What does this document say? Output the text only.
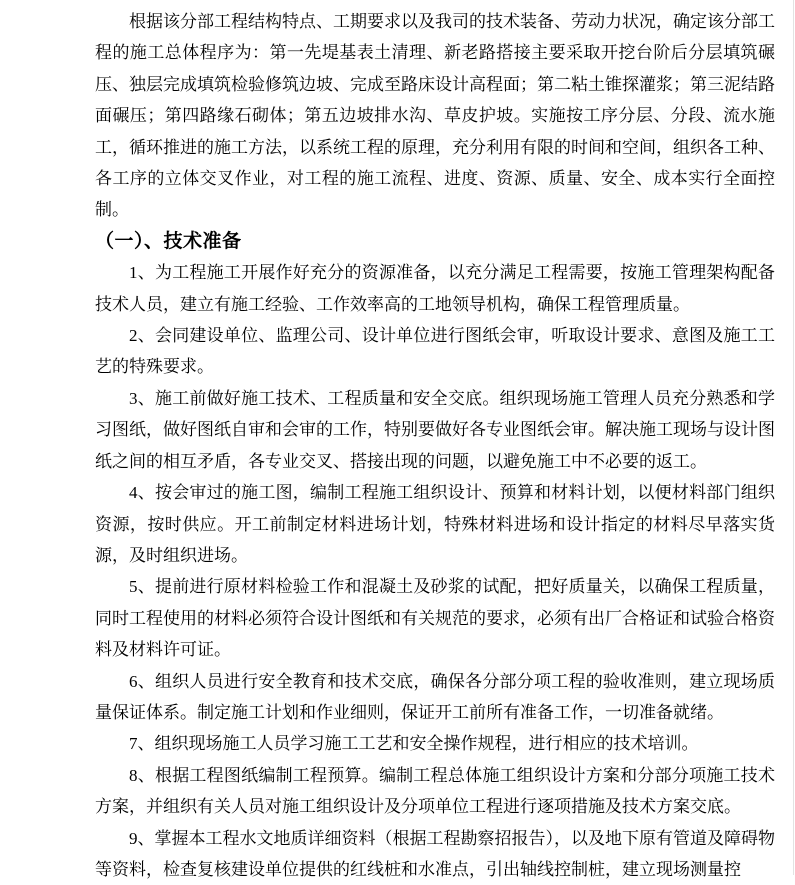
根据该分部工程结构特点、工期要求以及我司的技术装备、劳动力状况，确定该分部工程的施工总体程序为：第一先堤基表土清理、新老路搭接主要采取开挖台阶后分层填筑碾压、独层完成填筑检验修筑边坡、完成至路床设计高程面；第二粘土锥探灌浆；第三泥结路面碾压；第四路缘石砌体；第五边坡排水沟、草皮护坡。实施按工序分层、分段、流水施工，循环推进的施工方法，以系统工程的原理，充分利用有限的时间和空间，组织各工种、各工序的立体交叉作业，对工程的施工流程、进度、资源、质量、安全、成本实行全面控制。

（一）、技术准备

1、为工程施工开展作好充分的资源准备，以充分满足工程需要，按施工管理架构配备技术人员，建立有施工经验、工作效率高的工地领导机构，确保工程管理质量。

2、会同建设单位、监理公司、设计单位进行图纸会审，听取设计要求、意图及施工工艺的特殊要求。

3、施工前做好施工技术、工程质量和安全交底。组织现场施工管理人员充分熟悉和学习图纸，做好图纸自审和会审的工作，特别要做好各专业图纸会审。解决施工现场与设计图纸之间的相互矛盾，各专业交叉、搭接出现的问题，以避免施工中不必要的返工。

4、按会审过的施工图，编制工程施工组织设计、预算和材料计划，以便材料部门组织资源，按时供应。开工前制定材料进场计划，特殊材料进场和设计指定的材料尽早落实货源，及时组织进场。

5、提前进行原材料检验工作和混凝土及砂浆的试配，把好质量关，以确保工程质量，同时工程使用的材料必须符合设计图纸和有关规范的要求，必须有出厂合格证和试验合格资料及材料许可证。

6、组织人员进行安全教育和技术交底，确保各分部分项工程的验收准则，建立现场质量保证体系。制定施工计划和作业细则，保证开工前所有准备工作，一切准备就绪。

7、组织现场施工人员学习施工工艺和安全操作规程，进行相应的技术培训。

8、根据工程图纸编制工程预算。编制工程总体施工组织设计方案和分部分项施工技术方案，并组织有关人员对施工组织设计及分项单位工程进行逐项措施及技术方案交底。

9、掌握本工程水文地质详细资料（根据工程勘察招报告），以及地下原有管道及障碍物等资料，检查复核建设单位提供的红线桩和水准点，引出轴线控制桩，建立现场测量控
